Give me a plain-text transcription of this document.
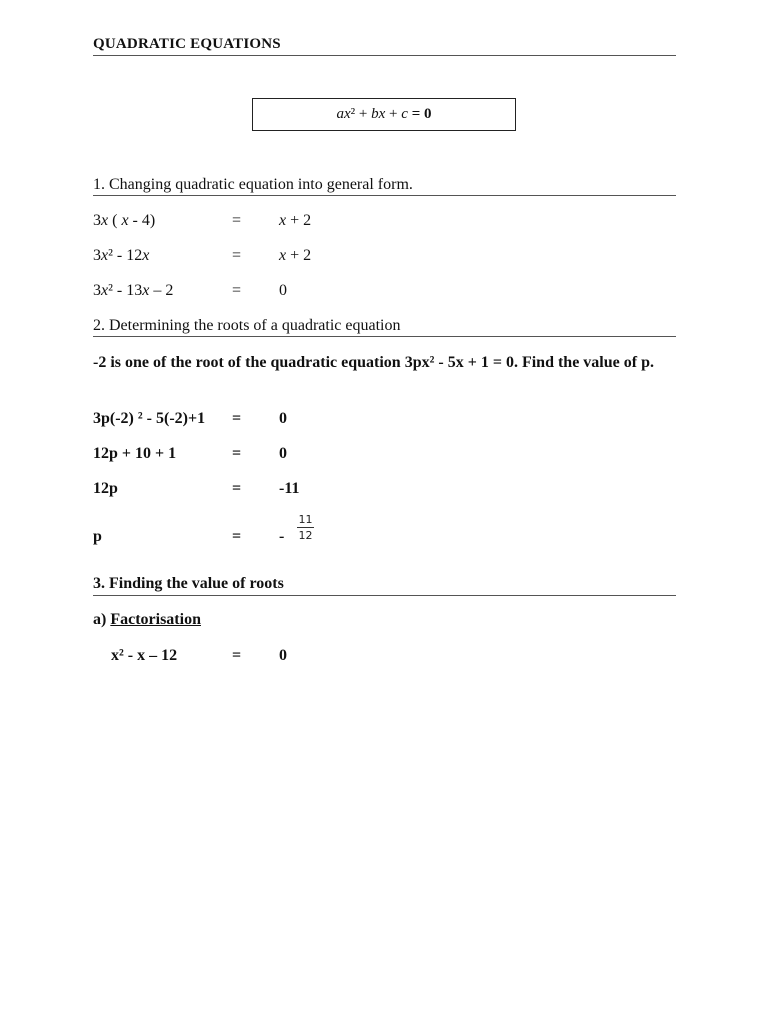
QUADRATIC EQUATIONS
ax ² + bx + c = 0
1. Changing quadratic equation into general form.
3x ( x - 4)	= x + 2
3x² - 12x	= x + 2
3x² - 13x – 2	= 0
2. Determining the roots of a quadratic equation
-2 is one of the root of the quadratic equation 3px² - 5x + 1 = 0. Find the value of p.
3p(-2) ² - 5(-2)+1 = 0
12p + 10 + 1	= 0
12p	= -11
p	= - $\frac{11}{12}$
3. Finding the value of roots
a) Factorisation
x² - x – 12	= 0
